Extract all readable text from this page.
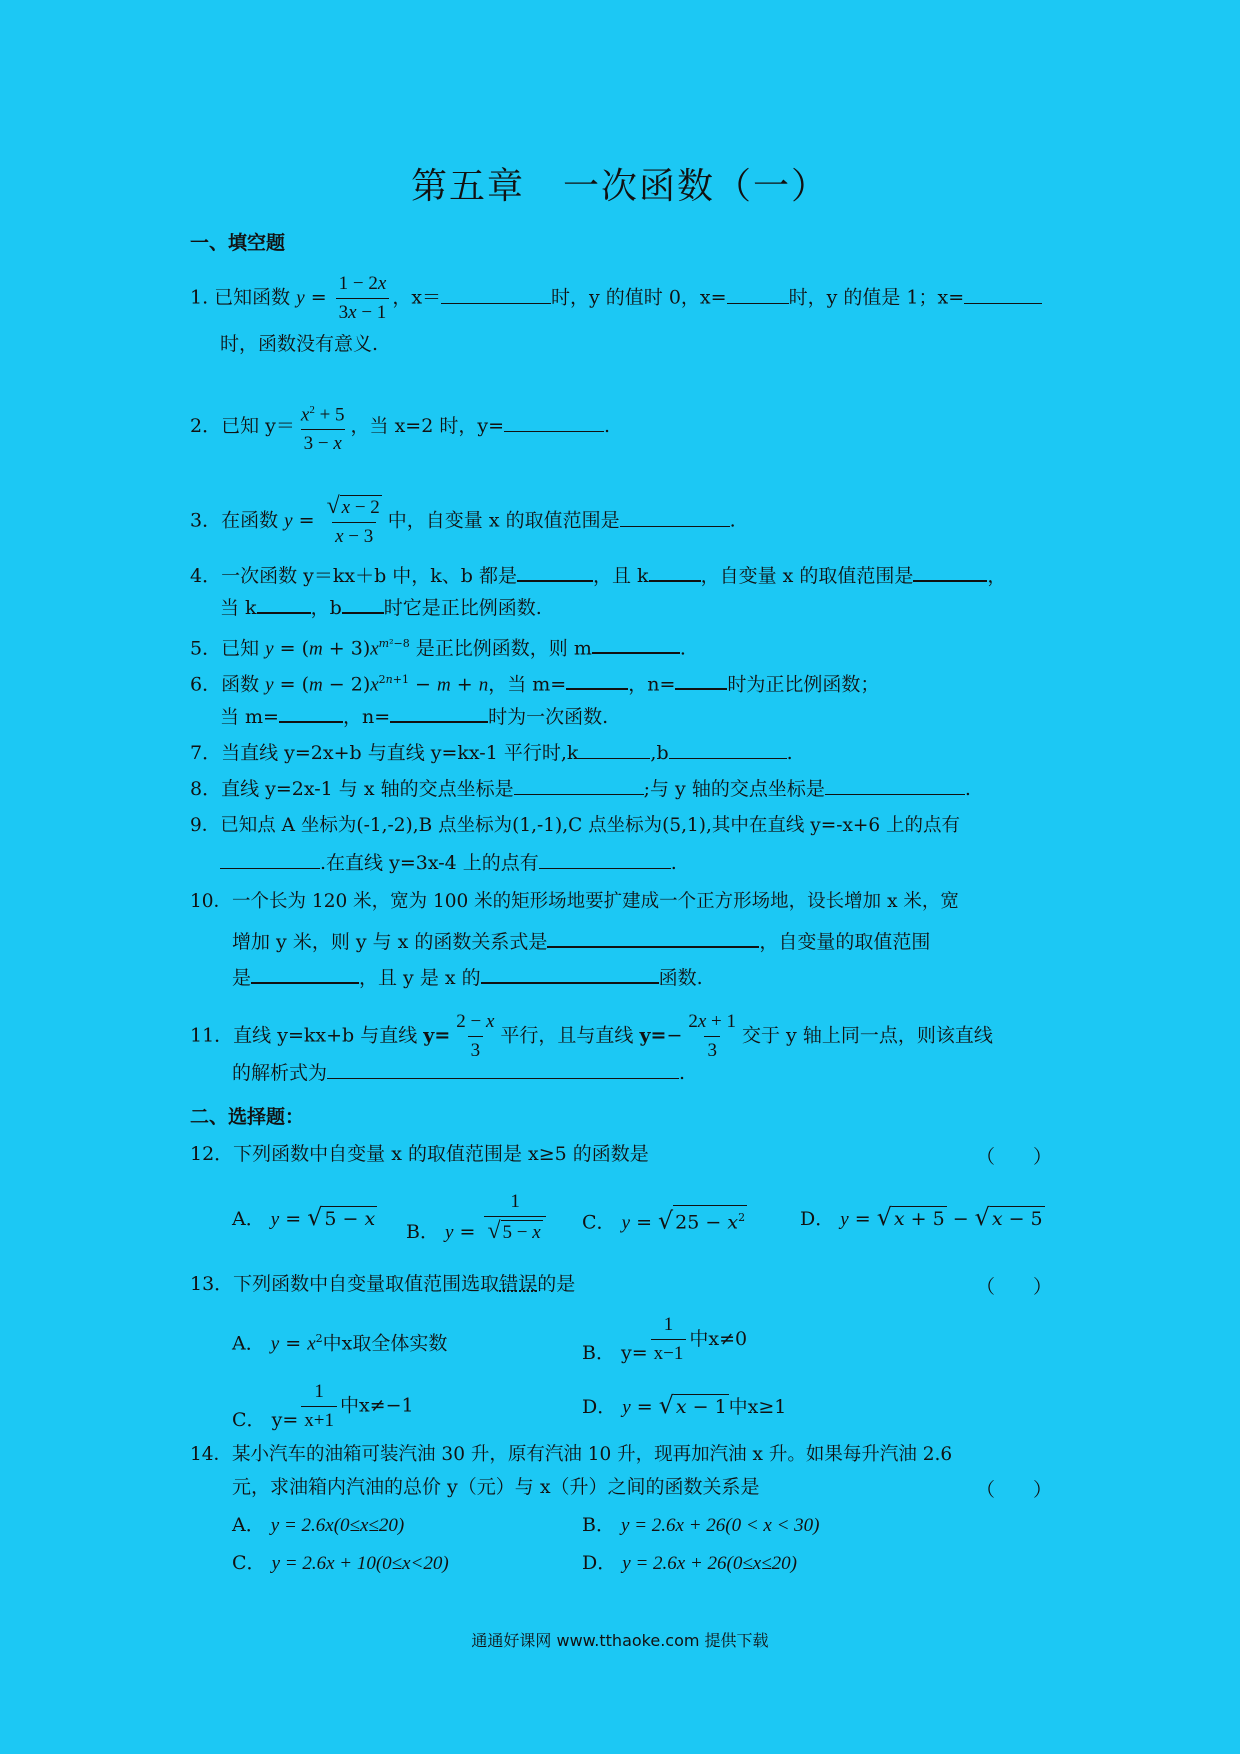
第五章　一次函数（一）
一、填空题
1. 已知函数 $y = \frac{1 - 2x}{3x - 1}$ ，x＝	时，y 的值时 0，x=	时，y 的值是 1；x=
时，函数没有意义.
2．已知 $y= \frac{x^2 + 5}{3 - x}$ ，当 x=2 时，y=	.
3．在函数 $y = \frac{√ x - 2}{x - 3}$ 中，自变量 x 的取值范围是	.
4．一次函数 y＝kx＋b 中，k、b 都是	，且 k	，自变量 x 的取值范围是	，
当 k	，b 时它是正比例函数.
5．已知 $y = (m + 3)x^{m^2-8}$ 是正比例函数，则 m	.
6．函数 $y = (m - 2)x^{2n+1} - m + n$，当 m=	，n=	时为正比例函数；
当 m=	，n=	时为一次函数.
7．当直线 y=2x+b 与直线 y=kx-1 平行时,k	,b	.
8．直线 y=2x-1 与 x 轴的交点坐标是	;与 y 轴的交点坐标是	.
9．已知点 A 坐标为(-1,-2),B 点坐标为(1,-1),C 点坐标为(5,1),其中在直线 y=-x+6 上的点有
.在直线 y=3x-4 上的点有	.
10．一个长为 120 米，宽为 100 米的矩形场地要扩建成一个正方形场地，设长增加 x 米，宽
增加 y 米，则 y 与 x 的函数关系式是	，自变量的取值范围
是	，且 y 是 x 的	函数.
11．直线 y=kx+b 与直线 $y= \frac{2 - x}{3}$ 平行，且与直线 $y=- \frac{2x + 1}{3}$ 交于 y 轴上同一点，则该直线
的解析式为	.
二、选择题：
12．下列函数中自变量 x 的取值范围是 x≥5 的函数是	（　　）
A． y = √ 5 − x
B． $y = \frac{1}{√ 5 - x}$ C． y = √ $25 - x^2$	D． y = √ x + 5 − √ x − 5
13．下列函数中自变量取值范围选取错误的是	（　　）
A． $y = x^2$中x取全体实数	B． $y= \frac{1}{x-1}$ 中x≠0
C． $y= \frac{1}{x+1}$ 中x≠−1	D． y = √ x − 1 中x≥1
14．某小汽车的油箱可装汽油 30 升，原有汽油 10 升，现再加汽油 x 升。如果每升汽油 2.6
元，求油箱内汽油的总价 y（元）与 x（升）之间的函数关系是	（　　）
A． y = 2.6x(0≤x≤20)	B． y = 2.6x + 26(0 < x < 30)
C． y = 2.6x + 10(0≤x<20)	D． y = 2.6x + 26(0≤x≤20)
通通好课网 www.tthaoke.com 提供下载
